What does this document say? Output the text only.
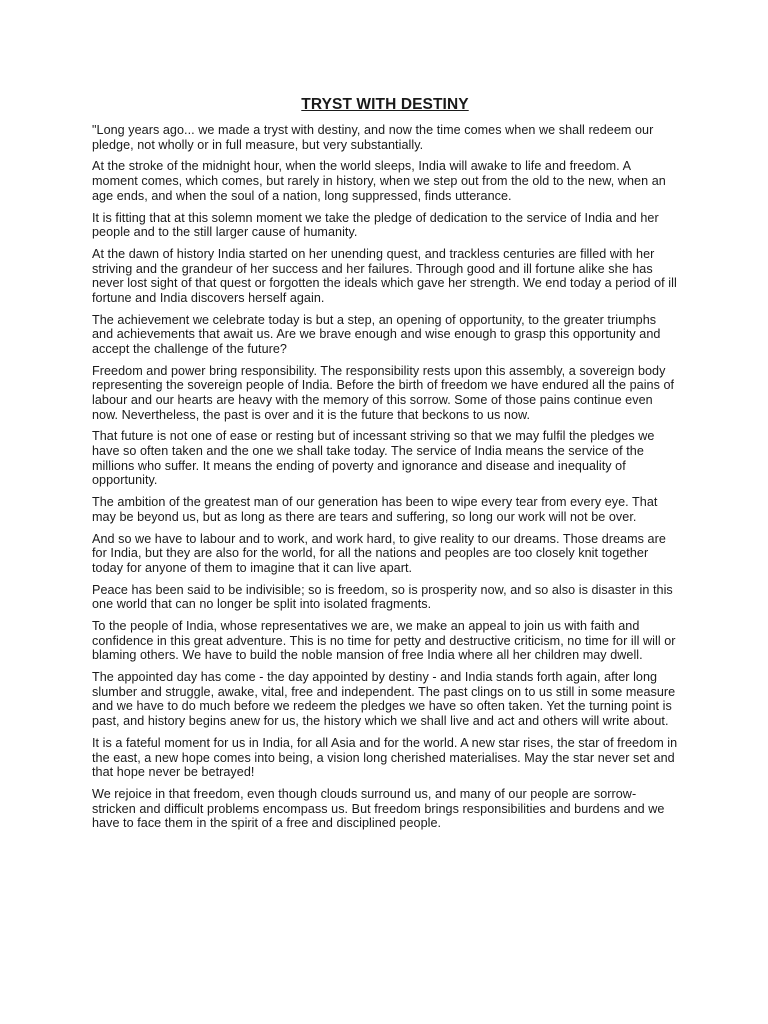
TRYST WITH DESTINY

"Long years ago... we made a tryst with destiny, and now the time comes when we shall redeem our pledge, not wholly or in full measure, but very substantially.

At the stroke of the midnight hour, when the world sleeps, India will awake to life and freedom. A moment comes, which comes, but rarely in history, when we step out from the old to the new, when an age ends, and when the soul of a nation, long suppressed, finds utterance.

It is fitting that at this solemn moment we take the pledge of dedication to the service of India and her people and to the still larger cause of humanity.

At the dawn of history India started on her unending quest, and trackless centuries are filled with her striving and the grandeur of her success and her failures. Through good and ill fortune alike she has never lost sight of that quest or forgotten the ideals which gave her strength. We end today a period of ill fortune and India discovers herself again.

The achievement we celebrate today is but a step, an opening of opportunity, to the greater triumphs and achievements that await us. Are we brave enough and wise enough to grasp this opportunity and accept the challenge of the future?

Freedom and power bring responsibility. The responsibility rests upon this assembly, a sovereign body representing the sovereign people of India. Before the birth of freedom we have endured all the pains of labour and our hearts are heavy with the memory of this sorrow. Some of those pains continue even now. Nevertheless, the past is over and it is the future that beckons to us now.

That future is not one of ease or resting but of incessant striving so that we may fulfil the pledges we have so often taken and the one we shall take today. The service of India means the service of the millions who suffer. It means the ending of poverty and ignorance and disease and inequality of opportunity.

The ambition of the greatest man of our generation has been to wipe every tear from every eye. That may be beyond us, but as long as there are tears and suffering, so long our work will not be over.

And so we have to labour and to work, and work hard, to give reality to our dreams. Those dreams are for India, but they are also for the world, for all the nations and peoples are too closely knit together today for anyone of them to imagine that it can live apart.

Peace has been said to be indivisible; so is freedom, so is prosperity now, and so also is disaster in this one world that can no longer be split into isolated fragments.

To the people of India, whose representatives we are, we make an appeal to join us with faith and confidence in this great adventure. This is no time for petty and destructive criticism, no time for ill will or blaming others. We have to build the noble mansion of free India where all her children may dwell.

The appointed day has come - the day appointed by destiny - and India stands forth again, after long slumber and struggle, awake, vital, free and independent. The past clings on to us still in some measure and we have to do much before we redeem the pledges we have so often taken. Yet the turning point is past, and history begins anew for us, the history which we shall live and act and others will write about.

It is a fateful moment for us in India, for all Asia and for the world. A new star rises, the star of freedom in the east, a new hope comes into being, a vision long cherished materialises. May the star never set and that hope never be betrayed!

We rejoice in that freedom, even though clouds surround us, and many of our people are sorrow-stricken and difficult problems encompass us. But freedom brings responsibilities and burdens and we have to face them in the spirit of a free and disciplined people.
